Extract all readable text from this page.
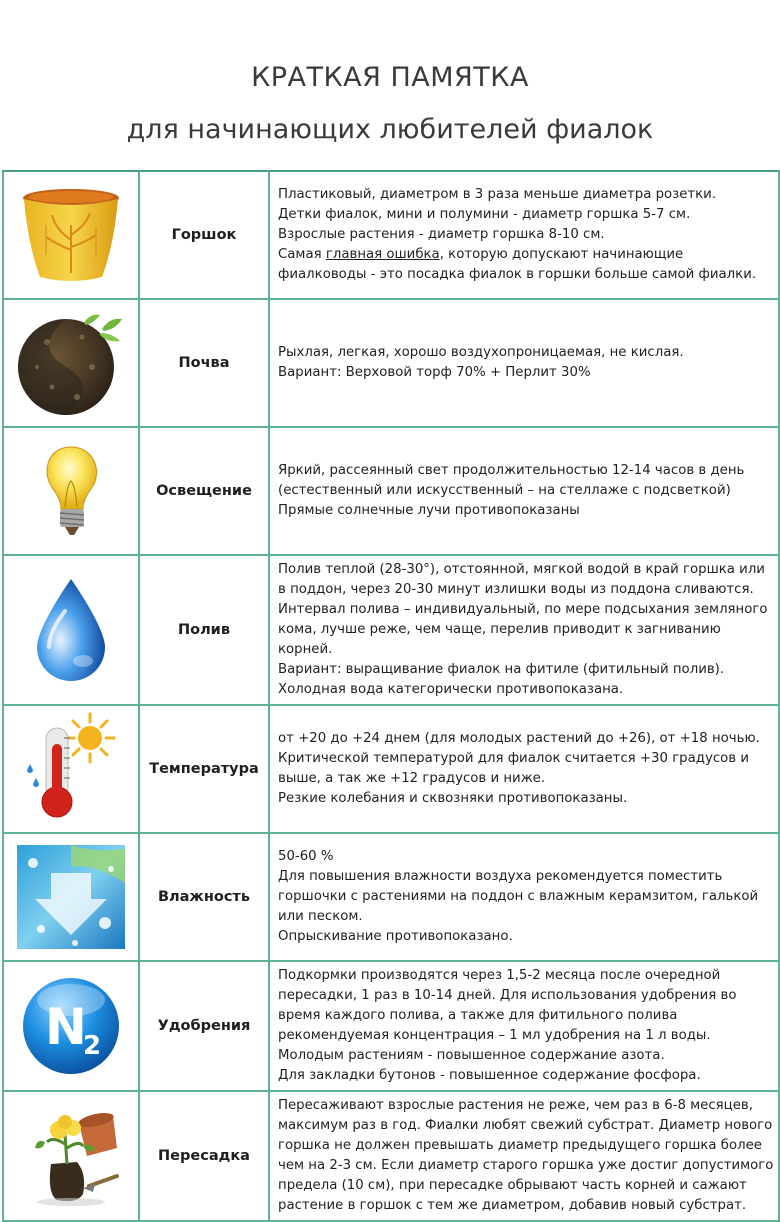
КРАТКАЯ ПАМЯТКА
для начинающих любителей фиалок
	Горшок	Пластиковый, диаметром в 3 раза меньше диаметра розетки.
Детки фиалок, мини и полумини - диаметр горшка 5-7 см.
Взрослые растения - диаметр горшка 8-10 см.
Самая главная ошибка, которую допускают начинающие фиалководы - это посадка фиалок в горшки больше самой фиалки.

	Почва	Рыхлая, легкая, хорошо воздухопроницаемая, не кислая.
Вариант: Верховой торф 70% + Перлит 30%

	Освещение	Яркий, рассеянный свет продолжительностью 12-14 часов в день (естественный или искусственный – на стеллаже с подсветкой)
Прямые солнечные лучи противопоказаны

	Полив	Полив теплой (28-30°), отстоянной, мягкой водой в край горшка или в поддон, через 20-30 минут излишки воды из поддона сливаются.
Интервал полива – индивидуальный, по мере подсыхания земляного кома, лучше реже, чем чаще, перелив приводит к загниванию корней.
Вариант: выращивание фиалок на фитиле (фитильный полив).
Холодная вода категорически противопоказана.

	Температура	от +20 до +24 днем (для молодых растений до +26), от +18 ночью.
Критической температурой для фиалок считается +30 градусов и выше, а так же +12 градусов и ниже.
Резкие колебания и сквозняки противопоказаны.

	Влажность	50-60 %
Для повышения влажности воздуха рекомендуется поместить горшочки с растениями на поддон с влажным керамзитом, галькой или песком.
Опрыскивание противопоказано.

N
2	Удобрения	Подкормки производятся через 1,5-2 месяца после очередной пересадки, 1 раз в 10-14 дней. Для использования удобрения во время каждого полива, а также для фитильного полива рекомендуемая концентрация – 1 мл удобрения на 1 л воды.
Молодым растениям - повышенное содержание азота.
Для закладки бутонов - повышенное содержание фосфора.

	Пересадка	Пересаживают взрослые растения не реже, чем раз в 6-8 месяцев, максимум раз в год. Фиалки любят свежий субстрат. Диаметр нового горшка не должен превышать диаметр предыдущего горшка более чем на 2-3 см. Если диаметр старого горшка уже достиг допустимого предела (10 см), при пересадке обрывают часть корней и сажают растение в горшок с тем же диаметром, добавив новый субстрат.
